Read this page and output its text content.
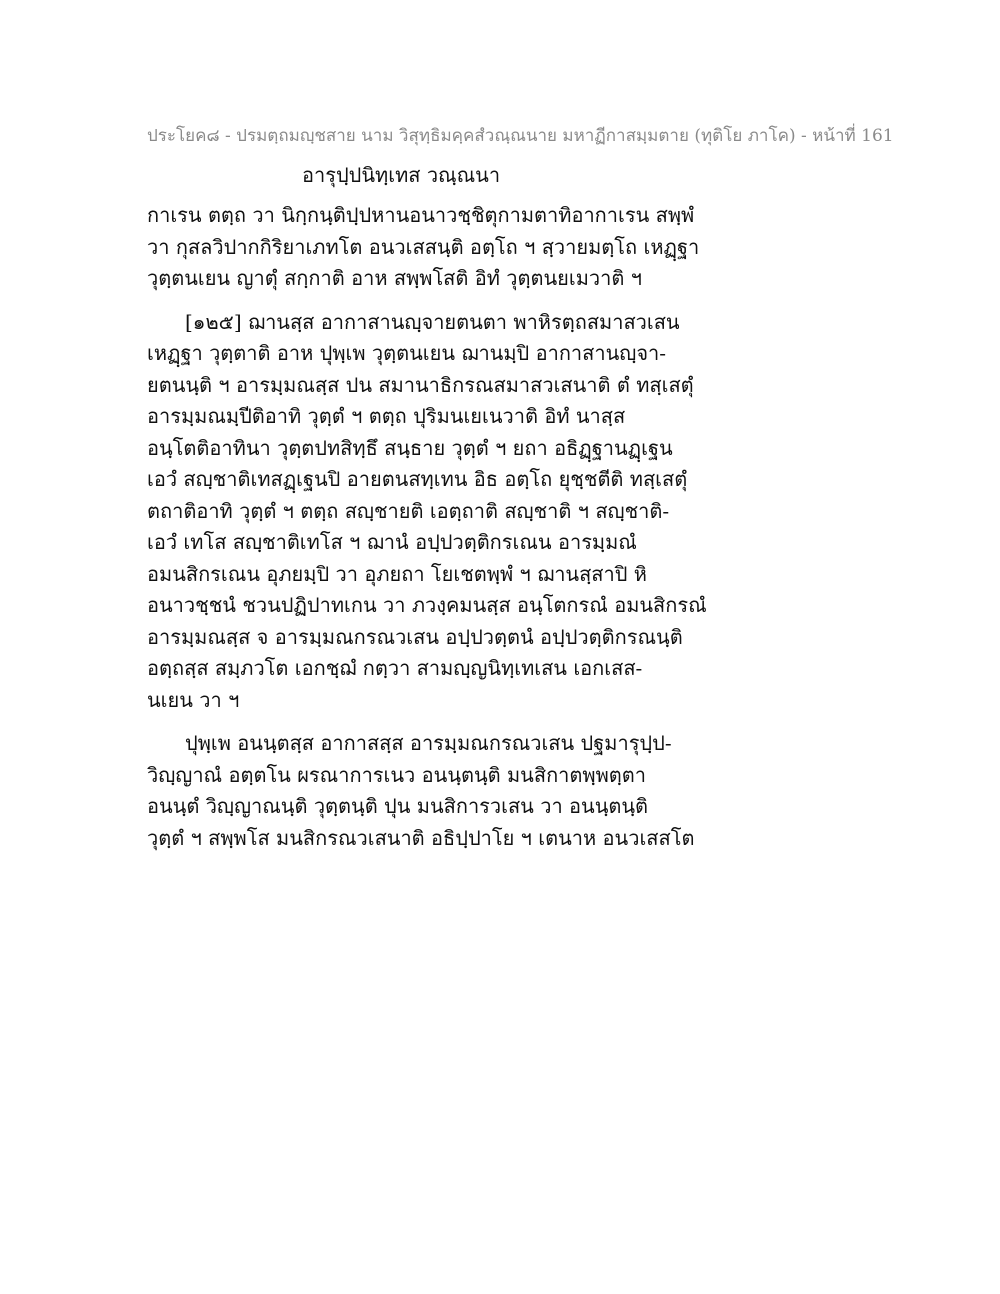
ประโยค๘ - ปรมตฺถมญฺชสาย นาม วิสุทฺธิมคฺคสํวณฺณนาย มหาฏีกาสมฺมตาย (ทุติโย ภาโค) - หน้าที่ 161
อารุปฺปนิทฺเทส วณฺณนา
กาเรน ตตฺถ วา นิกฺกนฺติปฺปหานอนาวชฺชิตุกามตาทิอากาเรน สพฺพํ
วา กุสลวิปากกิริยาเภทโต อนวเสสนฺติ อตฺโถ ฯ สฺวายมตฺโถ เหฏฺฐา
วุตฺตนเยน ญาตุํ สกฺกาติ อาห สพฺพโสติ อิทํ วุตฺตนยเมวาติ ฯ
[๑๒๕] ฌานสฺส อากาสานญฺจายตนตา พาหิรตฺถสมาสวเสน
เหฏฺฐา วุตฺตาติ อาห ปุพฺเพ วุตฺตนเยน ฌานมฺปิ อากาสานญฺจา-
ยตนนฺติ ฯ อารมฺมณสฺส ปน สมานาธิกรณสมาสวเสนาติ ตํ ทสฺเสตุํ
อารมฺมณมฺปีติอาทิ วุตฺตํ ฯ ตตฺถ ปุริมนเยเนวาติ อิทํ นาสฺส
อนฺโตติอาทินา วุตฺตปทสิทฺธึ สนฺธาย วุตฺตํ ฯ ยถา อธิฏฺฐานฏฺเฐน
เอวํ สญฺชาติเทสฏฺเฐนปิ อายตนสทฺเทน อิธ อตฺโถ ยุชฺชตีติ ทสฺเสตุํ
ตถาติอาทิ วุตฺตํ ฯ ตตฺถ สญฺชายติ เอตฺถาติ สญฺชาติ ฯ สญฺชาติ-
เอวํ เทโส สญฺชาติเทโส ฯ ฌานํ อปฺปวตฺติกรเณน อารมฺมณํ
อมนสิกรเณน อุภยมฺปิ วา อุภยถา โยเชตพฺพํ ฯ ฌานสฺสาปิ หิ
อนาวชฺชนํ ชวนปฏิปาทเกน วา ภวงฺคมนสฺส อนฺโตกรณํ อมนสิกรณํ
อารมฺมณสฺส จ อารมฺมณกรณวเสน อปฺปวตฺตนํ อปฺปวตฺติกรณนฺติ
อตฺถสฺส สมฺภวโต เอกชฺฌํ กตฺวา สามญฺญนิทฺเทเสน เอกเสส-
นเยน วา ฯ
ปุพฺเพ อนนฺตสฺส อากาสสฺส อารมฺมณกรณวเสน ปฐมารุปฺป-
วิญฺญาณํ อตฺตโน ผรณาการเนว อนนฺตนฺติ มนสิกาตพฺพตฺตา
อนนฺตํ วิญฺญาณนฺติ วุตฺตนฺติ ปุน มนสิการวเสน วา อนนฺตนฺติ
วุตฺตํ ฯ สพฺพโส มนสิกรณวเสนาติ อธิปฺปาโย ฯ เตนาห อนวเสสโต
